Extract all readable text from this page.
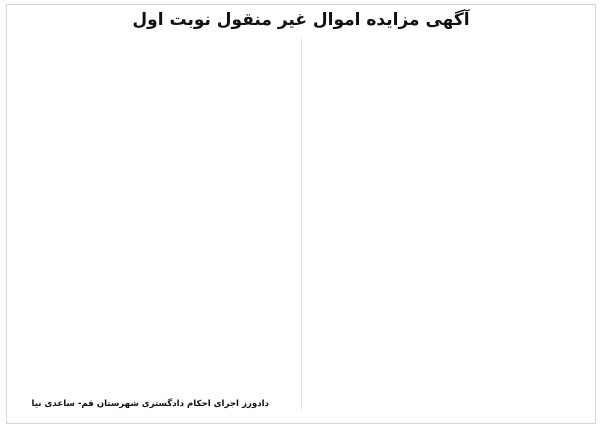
آگهی مزایده اموال غیر منقول نوبت اول

دادورز اجرای احکام دادگستری شهرستان قم- ساعدی نیا
